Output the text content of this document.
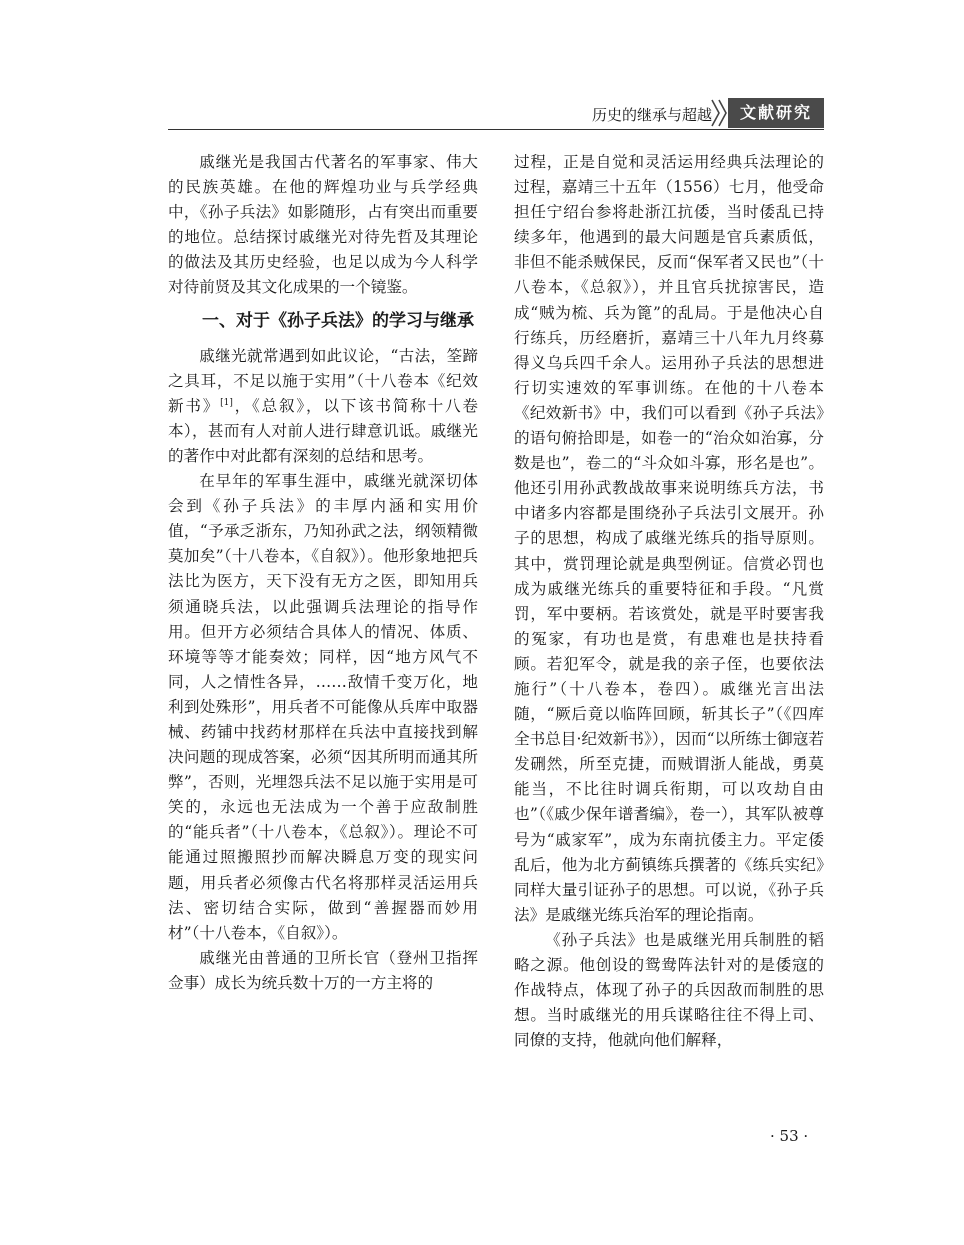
历史的继承与超越	文献研究

戚继光是我国古代著名的军事家、伟大的民族英雄。在他的辉煌功业与兵学经典中，《孙子兵法》如影随形，占有突出而重要的地位。总结探讨戚继光对待先哲及其理论的做法及其历史经验，也足以成为今人科学对待前贤及其文化成果的一个镜鉴。

一、对于《孙子兵法》的学习与继承

戚继光就常遇到如此议论，“古法，筌蹄之具耳，不足以施于实用”（十八卷本《纪效新书》[1]，《总叙》，以下该书简称十八卷本），甚而有人对前人进行肆意讥诋。戚继光的著作中对此都有深刻的总结和思考。

在早年的军事生涯中，戚继光就深切体会到《孙子兵法》的丰厚内涵和实用价值，“予承乏浙东，乃知孙武之法，纲领精微莫加矣”（十八卷本，《自叙》）。他形象地把兵法比为医方，天下没有无方之医，即知用兵须通晓兵法，以此强调兵法理论的指导作用。但开方必须结合具体人的情况、体质、环境等等才能奏效；同样，因“地方风气不同，人之情性各异，……敌情千变万化，地利到处殊形”，用兵者不可能像从兵库中取器械、药铺中找药材那样在兵法中直接找到解决问题的现成答案，必须“因其所明而通其所弊”，否则，光埋怨兵法不足以施于实用是可笑的，永远也无法成为一个善于应敌制胜的“能兵者”（十八卷本，《总叙》）。理论不可能通过照搬照抄而解决瞬息万变的现实问题，用兵者必须像古代名将那样灵活运用兵法、密切结合实际，做到“善握器而妙用材”（十八卷本，《自叙》）。

戚继光由普通的卫所长官（登州卫指挥佥事）成长为统兵数十万的一方主将的

过程，正是自觉和灵活运用经典兵法理论的过程，嘉靖三十五年（1556）七月，他受命担任宁绍台参将赴浙江抗倭，当时倭乱已持续多年，他遇到的最大问题是官兵素质低，非但不能杀贼保民，反而“保军者又民也”（十八卷本，《总叙》），并且官兵扰掠害民，造成“贼为梳、兵为篦”的乱局。于是他决心自行练兵，历经磨折，嘉靖三十八年九月终募得义乌兵四千余人。运用孙子兵法的思想进行切实速效的军事训练。在他的十八卷本《纪效新书》中，我们可以看到《孙子兵法》的语句俯拾即是，如卷一的“治众如治寡，分数是也”，卷二的“斗众如斗寡，形名是也”。他还引用孙武教战故事来说明练兵方法，书中诸多内容都是围绕孙子兵法引文展开。孙子的思想，构成了戚继光练兵的指导原则。其中，赏罚理论就是典型例证。信赏必罚也成为戚继光练兵的重要特征和手段。“凡赏罚，军中要柄。若该赏处，就是平时要害我的冤家，有功也是赏，有患难也是扶持看顾。若犯军令，就是我的亲子侄，也要依法施行”（十八卷本，卷四）。戚继光言出法随，“厥后竟以临阵回顾，斩其长子”（《四库全书总目·纪效新书》），因而“以所练士御寇若发硎然，所至克捷，而贼谓浙人能战，勇莫能当，不比往时调兵衔期，可以攻劫自由也”（《戚少保年谱耆编》，卷一），其军队被尊号为“戚家军”，成为东南抗倭主力。平定倭乱后，他为北方蓟镇练兵撰著的《练兵实纪》同样大量引证孙子的思想。可以说，《孙子兵法》是戚继光练兵治军的理论指南。

《孙子兵法》也是戚继光用兵制胜的韬略之源。他创设的鸳鸯阵法针对的是倭寇的作战特点，体现了孙子的兵因敌而制胜的思想。当时戚继光的用兵谋略往往不得上司、同僚的支持，他就向他们解释，

· 53 ·
